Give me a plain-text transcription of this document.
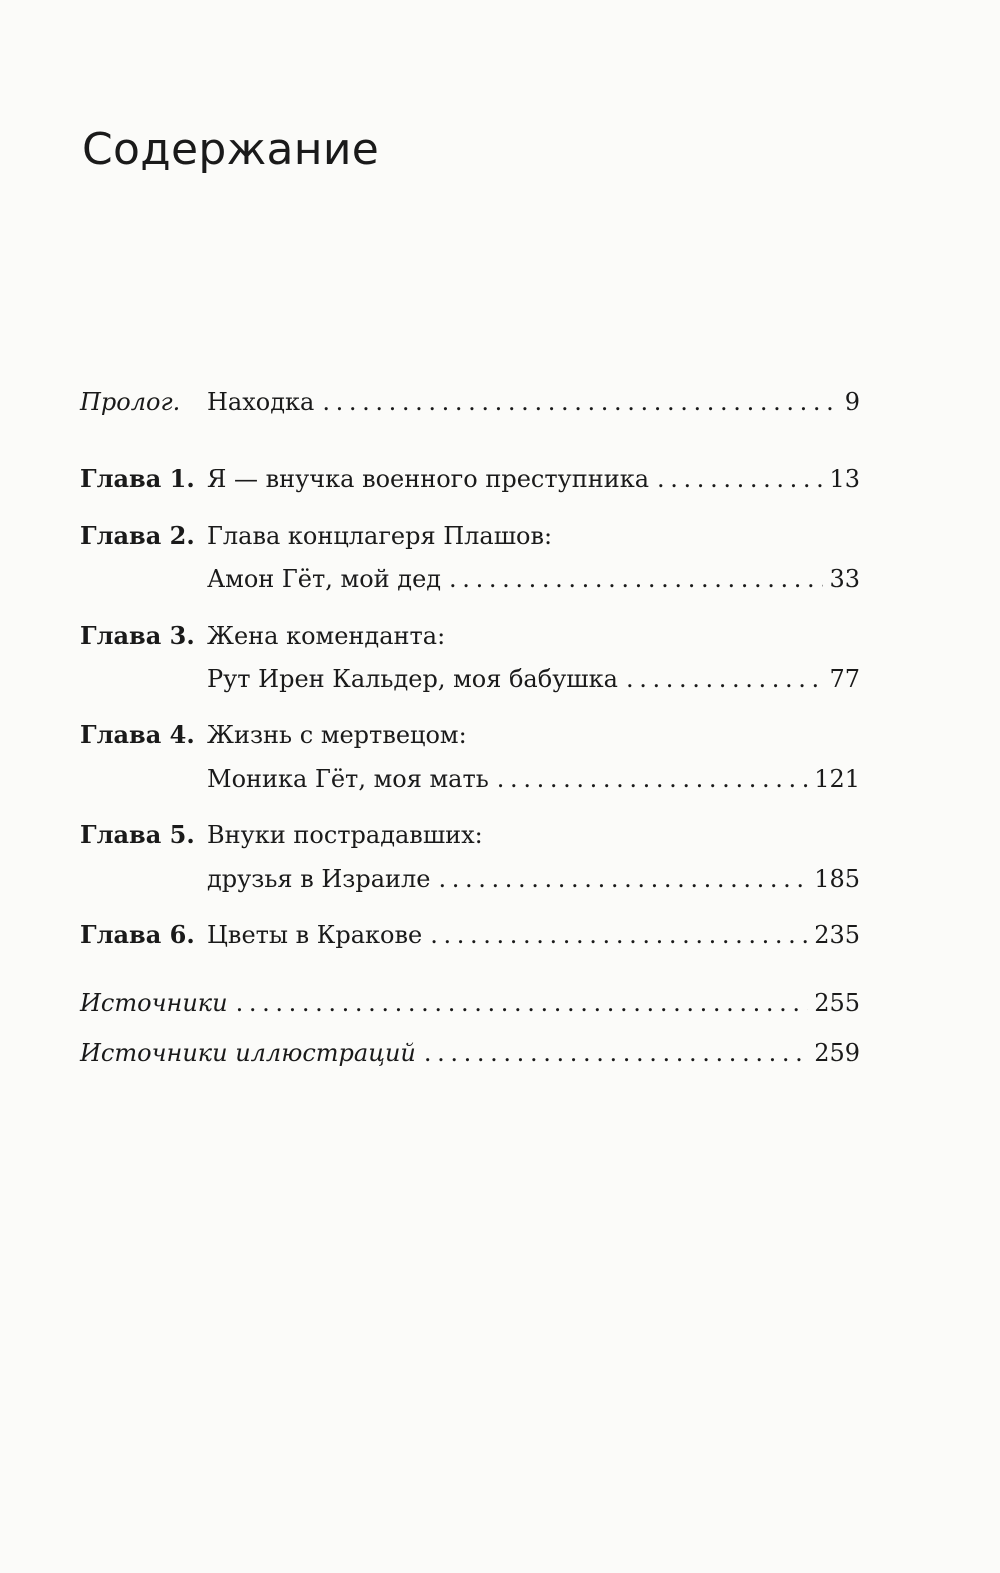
Содержание
Пролог. Находка . . .	9
Глава 1. Я — внучка военного преступника . . .	13
Глава 2. Глава концлагеря Плашов:
Амон Гёт, мой дед . . .	33
Глава 3. Жена коменданта:
Рут Ирен Кальдер, моя бабушка . . .	77
Глава 4. Жизнь с мертвецом:
Моника Гёт, моя мать . . .	121
Глава 5. Внуки пострадавших:
друзья в Израиле . . .	185
Глава 6. Цветы в Кракове . . .	235
Источники . . .	255
Источники иллюстраций . . .	259
